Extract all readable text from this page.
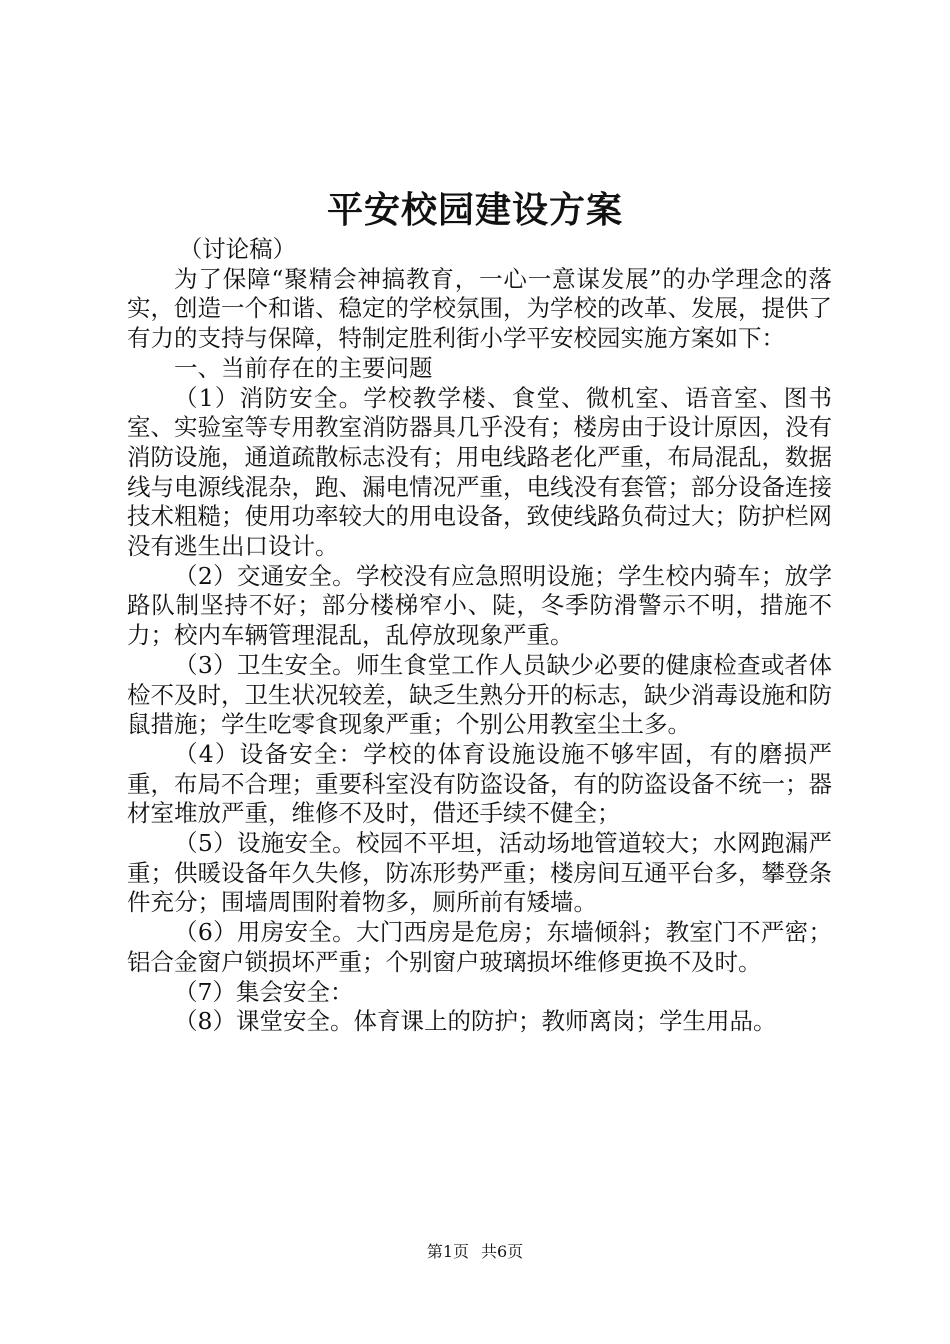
平安校园建设方案

（讨论稿）

为了保障“聚精会神搞教育，一心一意谋发展”的办学理念的落实，创造一个和谐、稳定的学校氛围，为学校的改革、发展，提供了有力的支持与保障，特制定胜利街小学平安校园实施方案如下：

一、当前存在的主要问题

（1）消防安全。学校教学楼、食堂、微机室、语音室、图书室、实验室等专用教室消防器具几乎没有；楼房由于设计原因，没有消防设施，通道疏散标志没有；用电线路老化严重，布局混乱，数据线与电源线混杂，跑、漏电情况严重，电线没有套管；部分设备连接技术粗糙；使用功率较大的用电设备，致使线路负荷过大；防护栏网没有逃生出口设计。

（2）交通安全。学校没有应急照明设施；学生校内骑车；放学路队制坚持不好；部分楼梯窄小、陡，冬季防滑警示不明，措施不力；校内车辆管理混乱，乱停放现象严重。

（3）卫生安全。师生食堂工作人员缺少必要的健康检查或者体检不及时，卫生状况较差，缺乏生熟分开的标志，缺少消毒设施和防鼠措施；学生吃零食现象严重；个别公用教室尘土多。

（4）设备安全：学校的体育设施设施不够牢固，有的磨损严重，布局不合理；重要科室没有防盗设备，有的防盗设备不统一；器材室堆放严重，维修不及时，借还手续不健全；

（5）设施安全。校园不平坦，活动场地管道较大；水网跑漏严重；供暖设备年久失修，防冻形势严重；楼房间互通平台多，攀登条件充分；围墙周围附着物多，厕所前有矮墙。

（6）用房安全。大门西房是危房；东墙倾斜；教室门不严密；铝合金窗户锁损坏严重；个别窗户玻璃损坏维修更换不及时。

（7）集会安全：

（8）课堂安全。体育课上的防护；教师离岗；学生用品。

第1页 共6页
